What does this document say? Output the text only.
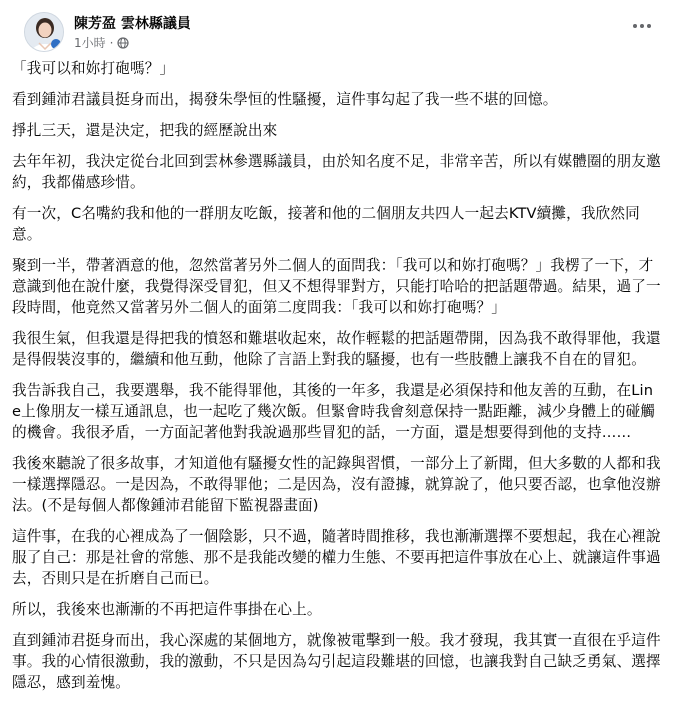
陳芳盈 雲林縣議員
1小時 ·

「我可以和妳打砲嗎？」

看到鍾沛君議員挺身而出，揭發朱學恒的性騷擾，這件事勾起了我一些不堪的回憶。

掙扎三天，還是決定，把我的經歷說出來

去年年初，我決定從台北回到雲林參選縣議員，由於知名度不足，非常辛苦，所以有媒體圈的朋友邀約，我都備感珍惜。

有一次，C名嘴約我和他的一群朋友吃飯，接著和他的二個朋友共四人一起去KTV續攤，我欣然同意。

聚到一半，帶著酒意的他，忽然當著另外二個人的面問我：「我可以和妳打砲嗎？」我楞了一下，才意識到他在說什麼，我覺得深受冒犯，但又不想得罪對方，只能打哈哈的把話題帶過。結果，過了一段時間，他竟然又當著另外二個人的面第二度問我：「我可以和妳打砲嗎？」

我很生氣，但我還是得把我的憤怒和難堪收起來，故作輕鬆的把話題帶開，因為我不敢得罪他，我還是得假裝沒事的，繼續和他互動，他除了言語上對我的騷擾，也有一些肢體上讓我不自在的冒犯。

我告訴我自己，我要選舉，我不能得罪他，其後的一年多，我還是必須保持和他友善的互動，在Line上像朋友一樣互通訊息，也一起吃了幾次飯。但緊會時我會刻意保持一點距離，減少身體上的碰觸的機會。我很矛盾，一方面記著他對我說過那些冒犯的話，一方面，還是想要得到他的支持……

我後來聽說了很多故事，才知道他有騷擾女性的記錄與習慣，一部分上了新聞，但大多數的人都和我一樣選擇隱忍。一是因為，不敢得罪他；二是因為，沒有證據，就算說了，他只要否認，也拿他沒辦法。(不是每個人都像鍾沛君能留下監視器畫面)

這件事，在我的心裡成為了一個陰影，只不過，隨著時間推移，我也漸漸選擇不要想起，我在心裡說服了自己：那是社會的常態、那不是我能改變的權力生態、不要再把這件事放在心上、就讓這件事過去，否則只是在折磨自己而已。

所以，我後來也漸漸的不再把這件事掛在心上。

直到鍾沛君挺身而出，我心深處的某個地方，就像被電擊到一般。我才發現，我其實一直很在乎這件事。我的心情很激動，我的激動，不只是因為勾引起這段難堪的回憶，也讓我對自己缺乏勇氣、選擇隱忍，感到羞愧。
